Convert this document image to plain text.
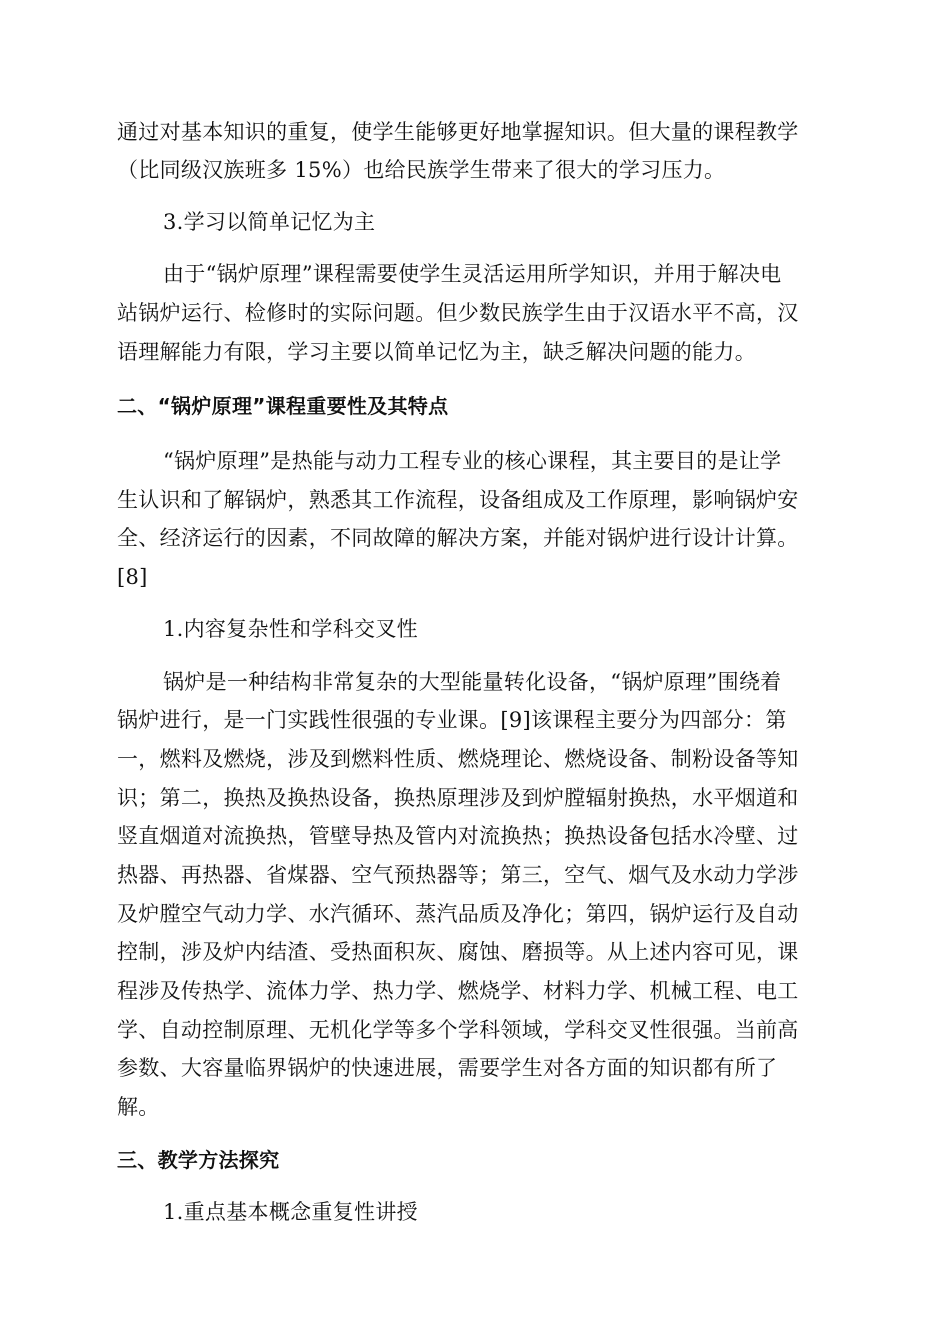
通过对基本知识的重复，使学生能够更好地掌握知识。但大量的课程教学
（比同级汉族班多 15%）也给民族学生带来了很大的学习压力。
3.学习以简单记忆为主
由于“锅炉原理”课程需要使学生灵活运用所学知识，并用于解决电
站锅炉运行、检修时的实际问题。但少数民族学生由于汉语水平不高，汉
语理解能力有限，学习主要以简单记忆为主，缺乏解决问题的能力。
二、“锅炉原理”课程重要性及其特点
“锅炉原理”是热能与动力工程专业的核心课程，其主要目的是让学
生认识和了解锅炉，熟悉其工作流程，设备组成及工作原理，影响锅炉安
全、经济运行的因素，不同故障的解决方案，并能对锅炉进行设计计算。
[8]
1.内容复杂性和学科交叉性
锅炉是一种结构非常复杂的大型能量转化设备，“锅炉原理”围绕着
锅炉进行，是一门实践性很强的专业课。[9]该课程主要分为四部分：第
一，燃料及燃烧，涉及到燃料性质、燃烧理论、燃烧设备、制粉设备等知
识；第二，换热及换热设备，换热原理涉及到炉膛辐射换热，水平烟道和
竖直烟道对流换热，管壁导热及管内对流换热；换热设备包括水冷壁、过
热器、再热器、省煤器、空气预热器等；第三，空气、烟气及水动力学涉
及炉膛空气动力学、水汽循环、蒸汽品质及净化；第四，锅炉运行及自动
控制，涉及炉内结渣、受热面积灰、腐蚀、磨损等。从上述内容可见，课
程涉及传热学、流体力学、热力学、燃烧学、材料力学、机械工程、电工
学、自动控制原理、无机化学等多个学科领域，学科交叉性很强。当前高
参数、大容量临界锅炉的快速进展，需要学生对各方面的知识都有所了
解。
三、教学方法探究
1.重点基本概念重复性讲授
